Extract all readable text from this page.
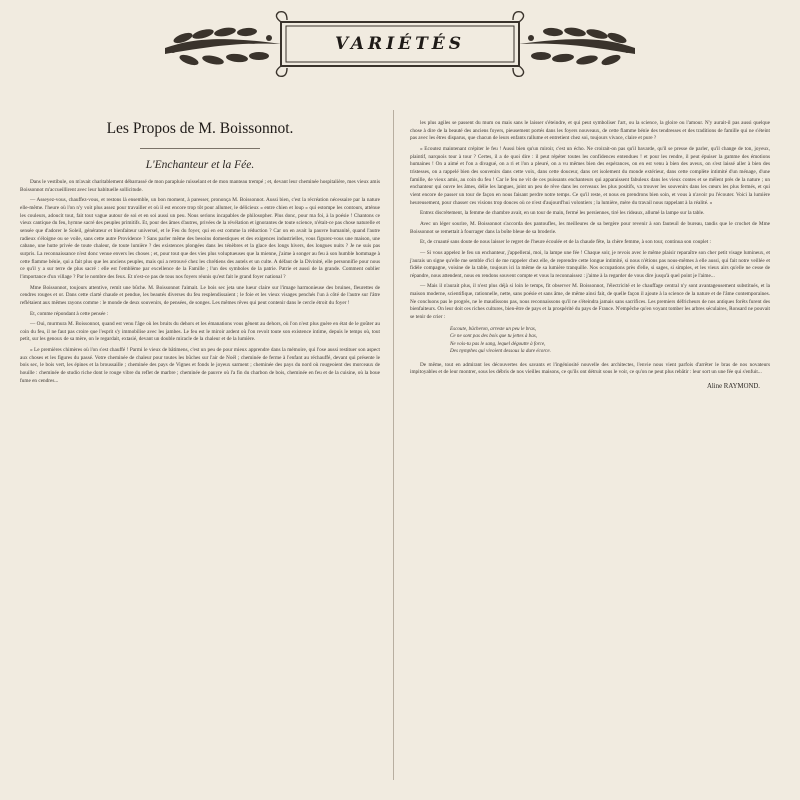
VARIÉTÉS
Les Propos de M. Boissonnot.
L'Enchanteur et la Fée.

Dans le vestibule, on m'avait charitablement débarrassé de mon parapluie ruisselant et de mon manteau trempé ; et, devant leur cheminée hospitalière, mes vieux amis Boissonnot m'accueillirent avec leur habituelle sollicitude.

— Asseyez-vous, chauffez-vous, et restons là ensemble, un bon moment, à paresser, prononça M. Boissonnot. Aussi bien, c'est la récréation nécessaire par la nature elle-même. l'heure où l'on n'y voit plus assez pour travailler et où il est encore trop tôt pour allumer, le délicieux « entre chien et loup » qui estompe les contours, atténue les couleurs, adoucit tout, fait tout vague autour de soi et en soi aussi un peu. Nous serions incapables de philosopher. Plus donc, pour ma foi, à la poésie ! Chantons ce vieux cantique du feu, hymne sacré des peuples primitifs. Et, pour des âmes d'autres, privées de la révélation et ignorantes de toute science, n'était-ce pas chose naturelle et sensée que d'adorer le Soleil, générateur et bienfaiteur universel, et le Feu du foyer, qui en est comme la réduction ? Car on en avait la pauvre humanité, quand l'autre radieux s'éloigne ou se voile, sans cette autre Providence ? Sans parler même des besoins domestiques et des exigences industrielles, vous figurez-vous une maison, une cabane, une hutte privée de toute chaleur, de toute lumière ? des existences plongées dans les ténèbres et la glace des longs hivers, des longues nuits ? Je ne suis pas surpris. La reconnaissance n'est donc venue envers les choses ; et, pour tout que des vies plus voluptueuses que la mienne, j'aime à songer au feu à son humble hommage à cette flamme bénie, qui a fait plus que les anciens peuples, mais qui a retrouvé chez les chrétiens des autels et un culte. A défaut de la Divinité, elle personnifie pour nous ce qu'il y a sur terre de plus sacré : elle est l'emblème par excellence de la Famille ; l'un des symboles de la patrie. Patrie et aussi de la grande. Comment oublier l'importance d'un village ? Par le nombre des feux. Et n'est-ce pas de tous nos foyers réunis qu'est fait le grand foyer national ?

Mme Boissonnot, toujours attentive, remit une bûche. M. Boissonnot l'aimait. Le bois sec jeta une lueur claire sur l'image harmonieuse des bruines, fleurettes de cendres rouges et or. Dans cette clarté chaude et pendue, les beautés diverses du feu resplendissaient ; le foie et les vieux visages penchés l'un à côté de l'autre sur l'âtre reflétaient aux mêmes rayons comme : le monde de deux souvenirs, de pensées, de songes. Les mêmes rêves qui peut contenir dans le cercle étroit du foyer !

Et, comme répondant à cette pensée :

— Oui, murmura M. Boissonnot, quand est venu l'âge où les bruits du dehors et les émanations vous gênent au dehors, où l'on n'est plus guère en état de le goûter au coin du feu, il ne faut pas croire que l'esprit s'y immobilise avec les jambes. Le feu est le miroir ardent où l'on revoit toute son existence intime, depuis le temps où, tout petit, sur les genoux de sa mère, on le regardait, extasié, devant un double miracle de la chaleur et de la lumière.

« Le premières chimères où l'on s'est chauffé ! Parmi le vieux de bâtimens, c'est un peu de pour mieux apprendre dans la mémoire, qui l'ose aussi restituer son aspect aux choses et les figures du passé. Votre cheminée de chaleur pour toutes les bûches sur l'air de Noël ; cheminée de ferme à l'enfant au réchauffé, devant qui présente le bois sec, le bois vert, les épines et la broussaille ; cheminée des pays de Vignes et fonds le joyeux sarment ; cheminée des pays du nord où rougeoient des morceaux de houille : cheminée de studio riche dont le rouge vibre du reflet de marbre ; cheminée de pauvre où l'a fin du charbon de bois, cheminée en feu et de la cuisine, où la boue fume en cendres...

les plus agiles se passent du mum ou mais sans le laisser s'éteindre, et qui peut symboliser l'art, ou la science, la gloire ou l'amour. N'y aurait-il pas aussi quelque chose à dire de la beauté des anciens foyers, pieusement portés dans les foyers nouveaux, de cette flamme bénie des tendresses et des traditions de famille qui ne s'éteint pas avec les êtres disparus, que chacun de leurs enfants rallume et entretient chez soi, toujours vivace, claire et pure ?

« Ecoutez maintenant crépiter le feu ! Aussi bien qu'un miroir, c'est un écho. Ne croirait-on pas qu'il bavarde, qu'il se presse de parler, qu'il change de ton, joyeux, plaintif, narquois tour à tour ? Certes, il a de quoi dire : il peut répéter toutes les confidences entendues ! et pour les rendre, il peut épuiser la gamme des émotions humaines ! On a aimé et l'on a divagué, on a ri et l'on a pleuré, on a vu mêmes bien des espérances, on en est venu à bien des aveux, on s'est laissé aller à bien des tristesses, on a rappelé bien des souvenirs dans cette voix, dans cette douceur, dans cet isolement du monde extérieur, dans cette complète intimité d'un ménage, d'une famille, de vieux amis, au coin du feu ! Car le feu ne vit de ces puissants enchanteurs qui apparaissent fabuleux dans les vieux contes et se mêlent près de la nature ; un enchanteur qui ouvre les âmes, délie les langues, joint un peu de rêve dans les cerveaux les plus positifs, va trouver les souvenirs dans les cœurs les plus fermés, et qui vient encore de passer un tour de façon en nous faisant perdre notre temps. Ce qu'il reste, et nous en prendrons bien soin, et vous à n'avoir pu l'écouter. Voici la lumière heureusement, pour chasser ces visions trop douces où ce n'est d'aujourd'hui volontiers ; la lumière, mère du travail nous rappelant à la réalité. »

Entrez discrètement, la femme de chambre avait, en un tour de main, fermé les persiennes, tiré les rideaux, allumé la lampe sur la table.

Avec un léger sourire, M. Boissonnot s'accorda des pantoufles, les meilleures de sa bergère pour revenir à son fauteuil de bureau, tandis que le crochet de Mme Boissonnot se remettait à fourrager dans la boîte bleue de sa broderie.

Et, de cruauté sans doute de nous laisser le regret de l'heure écoulée et de la chaude fête, la chère femme, à son tour, continua son couplet :

— Si vous appelez le feu un enchanteur, j'appellerai, moi, la lampe une fée ! Chaque soir, je revois avec le même plaisir reparaître son cher petit visage lumineux, et j'aurais un signe qu'elle me semble d'ici de me rappeler chez elle, de reprendre cette longue intimité, si nous n'étions pas nous-mêmes à elle aussi, qui fait notre veillée et fidèle compagne, voisine de la table, toujours ici la même de sa lumière tranquille. Nos occupations près d'elle, si sages, si simples, et les vieux airs qu'elle ne cesse de répandre, nous attendent, nous en rendons souvent compte et vous la reconnaissez : j'aime à la regarder de vous dire jusqu'à quel point je l'aime...

— Mais il n'aurait plus, il n'est plus déjà si loin le temps, fit observer M. Boissonnot, l'électricité et le chauffage central n'y sont avantageusement substitués, et la maison moderne, scientifique, rationnelle, nette, sans poésie et sans âme, de même ainsi fait, de quelle façon il ajoute à la science de la nature et de l'âme contemporaines. Ne concluons pas le progrès, ne le maudissons pas, nous reconnaissons qu'il ne s'éteindra jamais sans sacrifices. Les premiers défricheurs de nos antiques forêts furent des bienfaiteurs. On leur doit ces riches cultures, bien-être de pays et la prospérité du pays de France. N'empêche qu'en voyant tomber les arbres séculaires, Ronsard ne pouvait se tenir de crier :

Escoute, bûcheron, arreste un peu le bras,
Ce ne sont pas des bois que tu jettes à bas,
Ne vois-tu pas le sang, lequel dégoutte à force,
Des nymphes qui vivoient dessous la dure écorce.

De même, tout en admirant les découvertes des savants et l'ingéniosité nouvelle des architectes, l'envie nous vient parfois d'arrêter le bras de nos novateurs impitoyables et de leur montrer, sous les débris de nos vieilles maisons, ce qu'ils ont détruit sous le voir, ce qu'on ne peut plus rebâtir : leur sort un une fée qui s'enfuit...

Aline RAYMOND.
